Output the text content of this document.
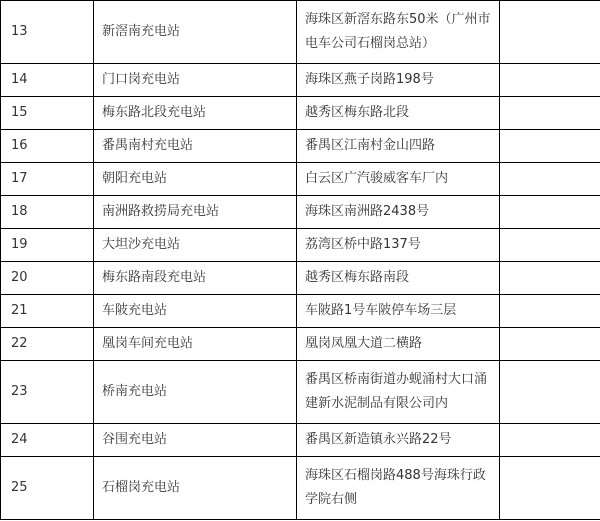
13	新滘南充电站	海珠区新滘东路东50米（广州市电车公司石榴岗总站）	
14	门口岗充电站	海珠区燕子岗路198号	
15	梅东路北段充电站	越秀区梅东路北段	
16	番禺南村充电站	番禺区江南村金山四路	
17	朝阳充电站	白云区广汽骏威客车厂内	
18	南洲路救捞局充电站	海珠区南洲路2438号	
19	大坦沙充电站	荔湾区桥中路137号	
20	梅东路南段充电站	越秀区梅东路南段	
21	车陂充电站	车陂路1号车陂停车场三层	
22	凰岗车间充电站	凰岗凤凰大道二横路	
23	桥南充电站	番禺区桥南街道办蚬涌村大口涌建新水泥制品有限公司内	
24	谷围充电站	番禺区新造镇永兴路22号	
25	石榴岗充电站	海珠区石榴岗路488号海珠行政学院右侧	
